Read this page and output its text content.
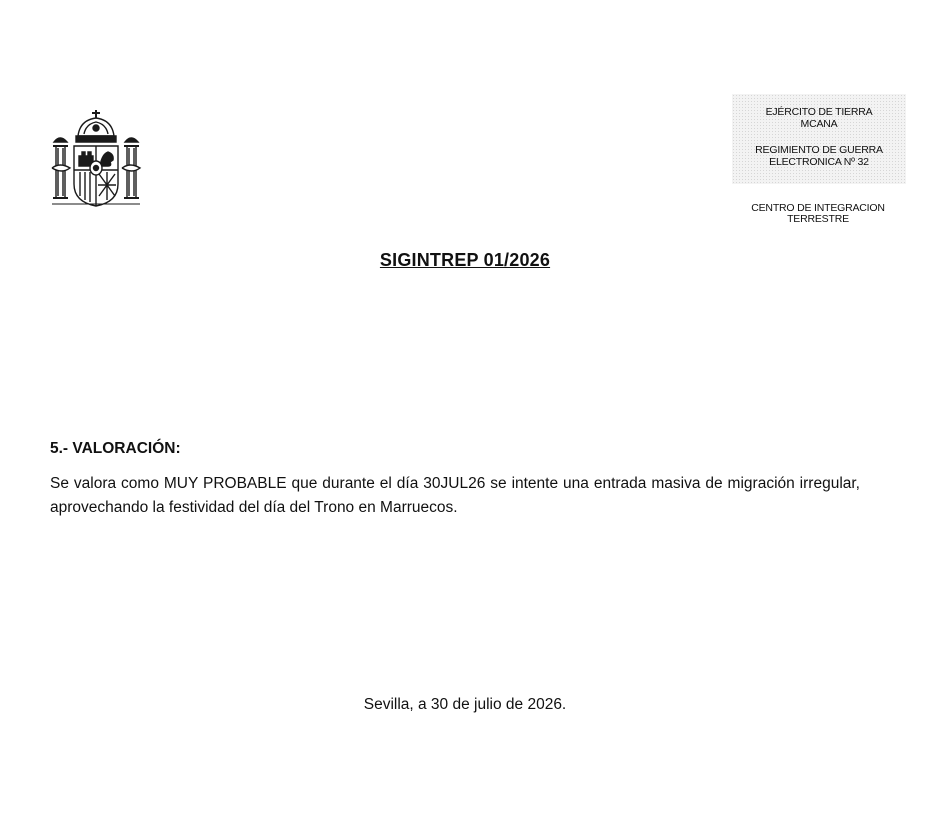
EJÉRCITO DE TIERRA
MCANA
REGIMIENTO DE GUERRA
ELECTRONICA Nº 32
CENTRO DE INTEGRACION
TERRESTRE
SIGINTREP 01/2026
5.- VALORACIÓN:

Se valora como MUY PROBABLE que durante el día 30JUL26 se intente una entrada masiva de migración irregular, aprovechando la festividad del día del Trono en Marruecos.

Sevilla, a 30 de julio de 2026.
